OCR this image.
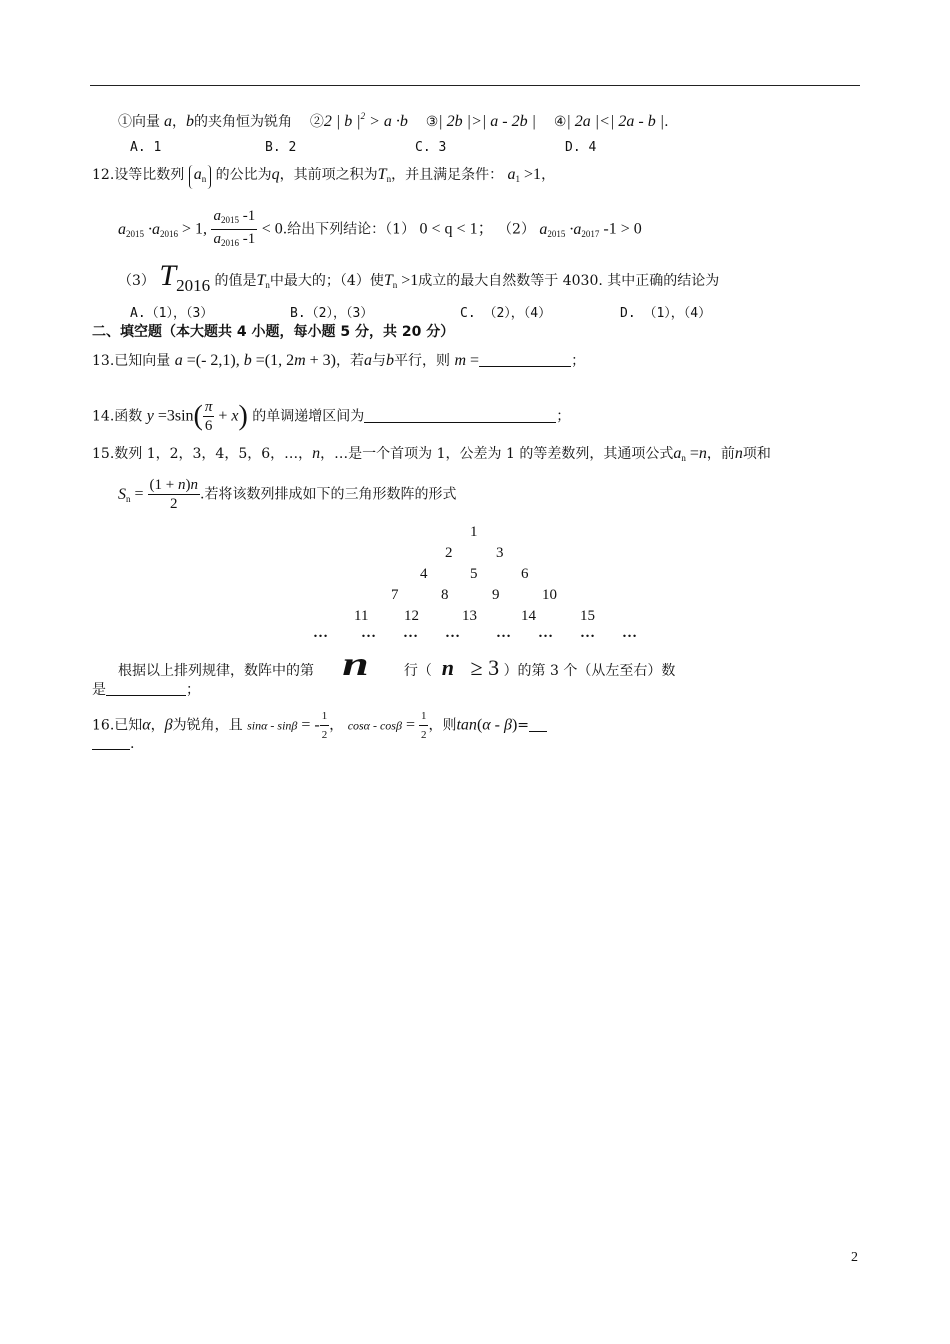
①向量 a，b的夹角恒为锐角 ②2 | b $|^2 > a \cdot b$ ③| 2b |>| a - 2b | ④| 2a |<| 2a - b |.
A. 1	B. 2	C. 3	D. 4
12.设等比数列 $a_n$ 的公比为q，其前项之积为$T_n$，并且满足条件： $a_1 >1$，
$a_{2015} \cdot a_{2016} > 1$, $\frac{a_{2015} -1}{a_{2016} -1} < 0$.给出下列结论：（1） 0 < q < 1； （2） $a_{2015} \cdot a_{2017}$ -1 > 0
（3） T2016 的值是$T_n$中最大的；（4）使$T_n >1$成立的最大自然数等于 4030. 其中正确的结论为
A.（1），（3）	B.（2），（3）	C. （2），（4）	D. （1），（4）
二、填空题（本大题共 4 小题，每小题 5 分，共 20 分）
13.已知向量 a =(- 2,1), b =(1, 2m + 3)，若a与b平行，则 m =	；
14.函数 $y =3\sin( \frac{\pi}{6} + x)$ 的单调递增区间为	；
15.数列 1，2，3，4，5，6，…，n，…是一个首项为 1，公差为 1 的等差数列，其通项公式$a_n =n$，前n项和
$S_n = \frac{(1 + n)n}{2}$ .若将该数列排成如下的三角形数阵的形式
1
2	3
4	5	6
7	8	9	10
11 12	13	14	15
… … … … … … … …
根据以上排列规律，数阵中的第 n 行（  n   ≥ 3 ）的第 3 个（从左至右）数
是	；
16.已知α，β为锐角，且 sinα - sinβ = - $\frac{1}{2}$ ， $\cos\alpha - \cos\beta = \frac{1}{2}$ ，则tan(α - β)=
.
2
